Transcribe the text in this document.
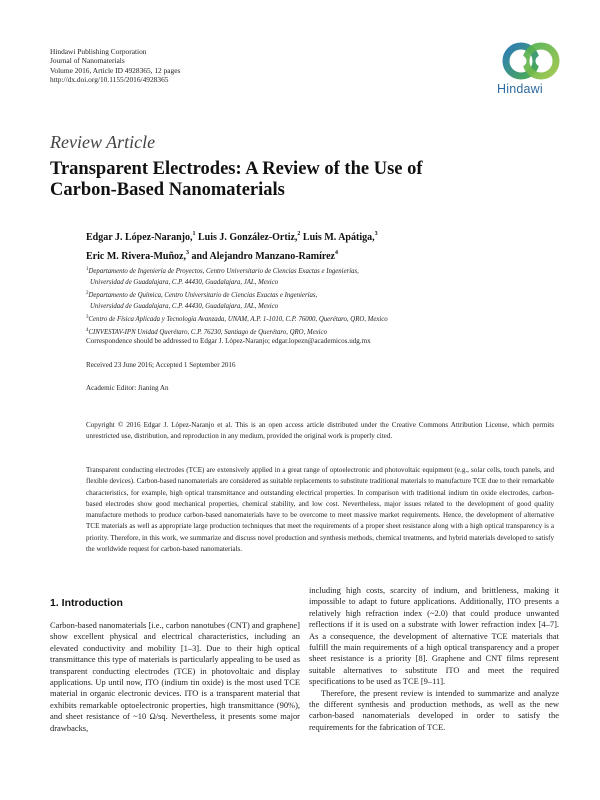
Hindawi Publishing Corporation
Journal of Nanomaterials
Volume 2016, Article ID 4928365, 12 pages
http://dx.doi.org/10.1155/2016/4928365
Hindawi
Review Article
Transparent Electrodes: A Review of the Use of
Carbon-Based Nanomaterials
Edgar J. López-Naranjo,$^1$ Luis J. González-Ortiz,$^2$ Luis M. Apátiga,$^3$
Eric M. Rivera-Muñoz,$^3$ and Alejandro Manzano-Ramírez$^4$
$^1$Departamento de Ingeniería de Proyectos, Centro Universitario de Ciencias Exactas e Ingenierías,
Universidad de Guadalajara, C.P. 44430, Guadalajara, JAL, Mexico
$^2$Departamento de Química, Centro Universitario de Ciencias Exactas e Ingenierías,
Universidad de Guadalajara, C.P. 44430, Guadalajara, JAL, Mexico
$^3$Centro de Física Aplicada y Tecnología Avanzada, UNAM, A.P. 1-1010, C.P. 76000, Querétaro, QRO, Mexico
$^4$CINVESTAV-IPN Unidad Querétaro, C.P. 76230, Santiago de Querétaro, QRO, Mexico
Correspondence should be addressed to Edgar J. López-Naranjo; edgar.lopezn@academicos.udg.mx
Received 23 June 2016; Accepted 1 September 2016
Academic Editor: Jianing An
Copyright © 2016 Edgar J. López-Naranjo et al. This is an open access article distributed under the Creative Commons Attribution License, which permits unrestricted use, distribution, and reproduction in any medium, provided the original work is properly cited.
Transparent conducting electrodes (TCE) are extensively applied in a great range of optoelectronic and photovoltaic equipment (e.g., solar cells, touch panels, and flexible devices). Carbon-based nanomaterials are considered as suitable replacements to substitute traditional materials to manufacture TCE due to their remarkable characteristics, for example, high optical transmittance and outstanding electrical properties. In comparison with traditional indium tin oxide electrodes, carbon-based electrodes show good mechanical properties, chemical stability, and low cost. Nevertheless, major issues related to the development of good quality manufacture methods to produce carbon-based nanomaterials have to be overcome to meet massive market requirements. Hence, the development of alternative TCE materials as well as appropriate large production techniques that meet the requirements of a proper sheet resistance along with a high optical transparency is a priority. Therefore, in this work, we summarize and discuss novel production and synthesis methods, chemical treatments, and hybrid materials developed to satisfy the worldwide request for carbon-based nanomaterials.
1. Introduction

Carbon-based nanomaterials [i.e., carbon nanotubes (CNT) and graphene] show excellent physical and electrical characteristics, including an elevated conductivity and mobility [1–3]. Due to their high optical transmittance this type of materials is particularly appealing to be used as transparent conducting electrodes (TCE) in photovoltaic and display applications. Up until now, ITO (indium tin oxide) is the most used TCE material in organic electronic devices. ITO is a transparent material that exhibits remarkable optoelectronic properties, high transmittance (90%), and sheet resistance of ~10 Ω/sq. Nevertheless, it presents some major drawbacks,

including high costs, scarcity of indium, and brittleness, making it impossible to adapt to future applications. Additionally, ITO presents a relatively high refraction index (~2.0) that could produce unwanted reflections if it is used on a substrate with lower refraction index [4–7]. As a consequence, the development of alternative TCE materials that fulfill the main requirements of a high optical transparency and a proper sheet resistance is a priority [8]. Graphene and CNT films represent suitable alternatives to substitute ITO and meet the required specifications to be used as TCE [9–11].

Therefore, the present review is intended to summarize and analyze the different synthesis and production methods, as well as the new carbon-based nanomaterials developed in order to satisfy the requirements for the fabrication of TCE.
